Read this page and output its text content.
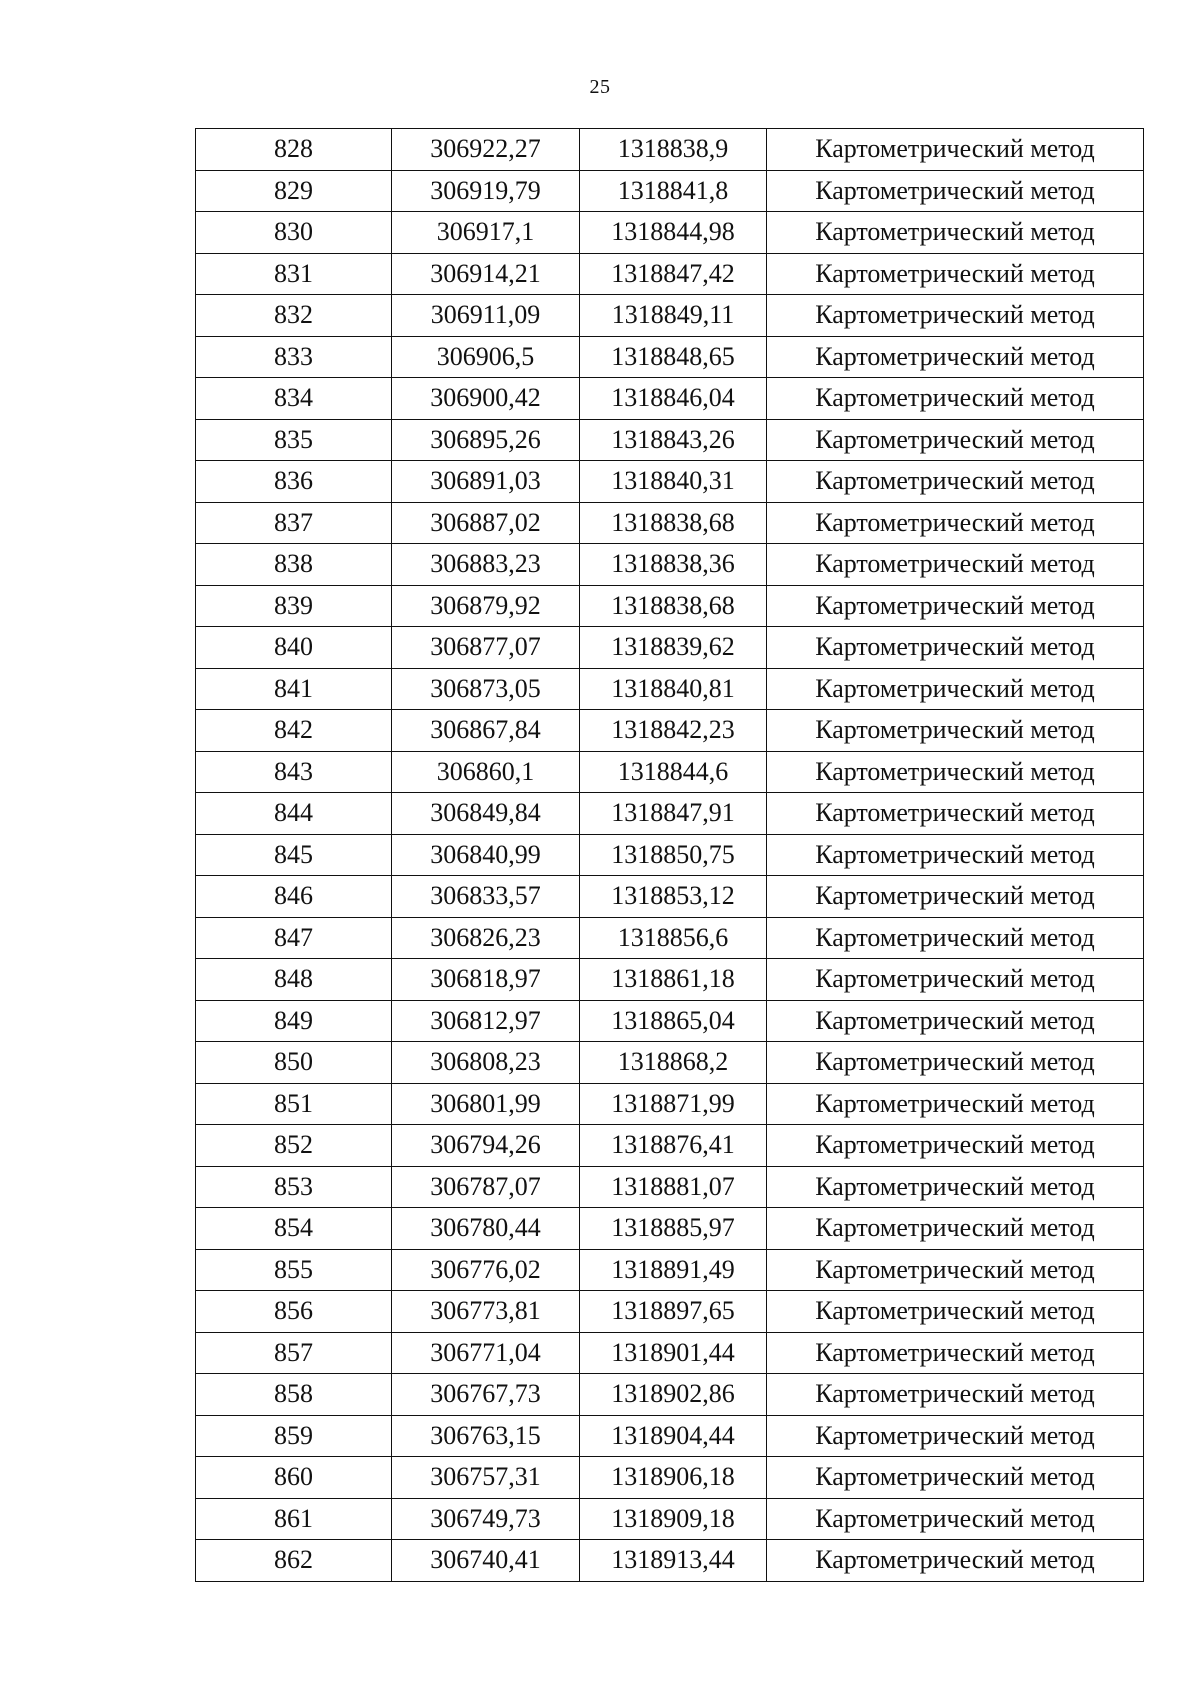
25
828	306922,27	1318838,9	Картометрический метод
829	306919,79	1318841,8	Картометрический метод
830	306917,1	1318844,98	Картометрический метод
831	306914,21	1318847,42	Картометрический метод
832	306911,09	1318849,11	Картометрический метод
833	306906,5	1318848,65	Картометрический метод
834	306900,42	1318846,04	Картометрический метод
835	306895,26	1318843,26	Картометрический метод
836	306891,03	1318840,31	Картометрический метод
837	306887,02	1318838,68	Картометрический метод
838	306883,23	1318838,36	Картометрический метод
839	306879,92	1318838,68	Картометрический метод
840	306877,07	1318839,62	Картометрический метод
841	306873,05	1318840,81	Картометрический метод
842	306867,84	1318842,23	Картометрический метод
843	306860,1	1318844,6	Картометрический метод
844	306849,84	1318847,91	Картометрический метод
845	306840,99	1318850,75	Картометрический метод
846	306833,57	1318853,12	Картометрический метод
847	306826,23	1318856,6	Картометрический метод
848	306818,97	1318861,18	Картометрический метод
849	306812,97	1318865,04	Картометрический метод
850	306808,23	1318868,2	Картометрический метод
851	306801,99	1318871,99	Картометрический метод
852	306794,26	1318876,41	Картометрический метод
853	306787,07	1318881,07	Картометрический метод
854	306780,44	1318885,97	Картометрический метод
855	306776,02	1318891,49	Картометрический метод
856	306773,81	1318897,65	Картометрический метод
857	306771,04	1318901,44	Картометрический метод
858	306767,73	1318902,86	Картометрический метод
859	306763,15	1318904,44	Картометрический метод
860	306757,31	1318906,18	Картометрический метод
861	306749,73	1318909,18	Картометрический метод
862	306740,41	1318913,44	Картометрический метод
